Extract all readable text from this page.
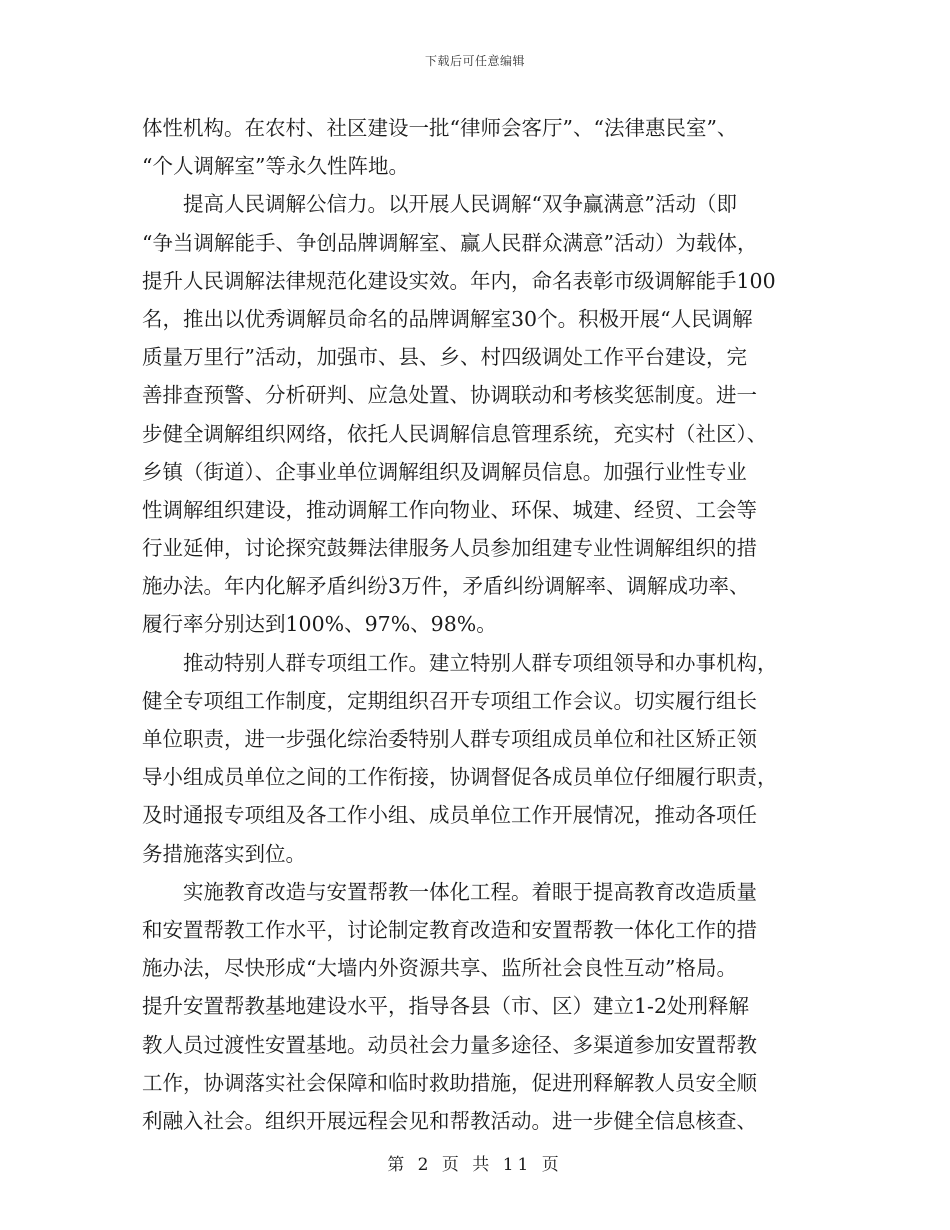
下载后可任意编辑
体性机构。在农村、社区建设一批“律师会客厅”、“法律惠民室”、
“个人调解室”等永久性阵地。
提高人民调解公信力。以开展人民调解“双争赢满意”活动（即
“争当调解能手、争创品牌调解室、赢人民群众满意”活动）为载体，
提升人民调解法律规范化建设实效。年内，命名表彰市级调解能手100
名，推出以优秀调解员命名的品牌调解室30个。积极开展“人民调解
质量万里行”活动，加强市、县、乡、村四级调处工作平台建设，完
善排查预警、分析研判、应急处置、协调联动和考核奖惩制度。进一
步健全调解组织网络，依托人民调解信息管理系统，充实村（社区）、
乡镇（街道）、企事业单位调解组织及调解员信息。加强行业性专业
性调解组织建设，推动调解工作向物业、环保、城建、经贸、工会等
行业延伸，讨论探究鼓舞法律服务人员参加组建专业性调解组织的措
施办法。年内化解矛盾纠纷3万件，矛盾纠纷调解率、调解成功率、
履行率分别达到100%、97%、98%。
推动特别人群专项组工作。建立特别人群专项组领导和办事机构，
健全专项组工作制度，定期组织召开专项组工作会议。切实履行组长
单位职责，进一步强化综治委特别人群专项组成员单位和社区矫正领
导小组成员单位之间的工作衔接，协调督促各成员单位仔细履行职责，
及时通报专项组及各工作小组、成员单位工作开展情况，推动各项任
务措施落实到位。
实施教育改造与安置帮教一体化工程。着眼于提高教育改造质量
和安置帮教工作水平，讨论制定教育改造和安置帮教一体化工作的措
施办法，尽快形成“大墙内外资源共享、监所社会良性互动”格局。
提升安置帮教基地建设水平，指导各县（市、区）建立1-2处刑释解
教人员过渡性安置基地。动员社会力量多途径、多渠道参加安置帮教
工作，协调落实社会保障和临时救助措施，促进刑释解教人员安全顺
利融入社会。组织开展远程会见和帮教活动。进一步健全信息核查、
第 2 页 共 11 页
